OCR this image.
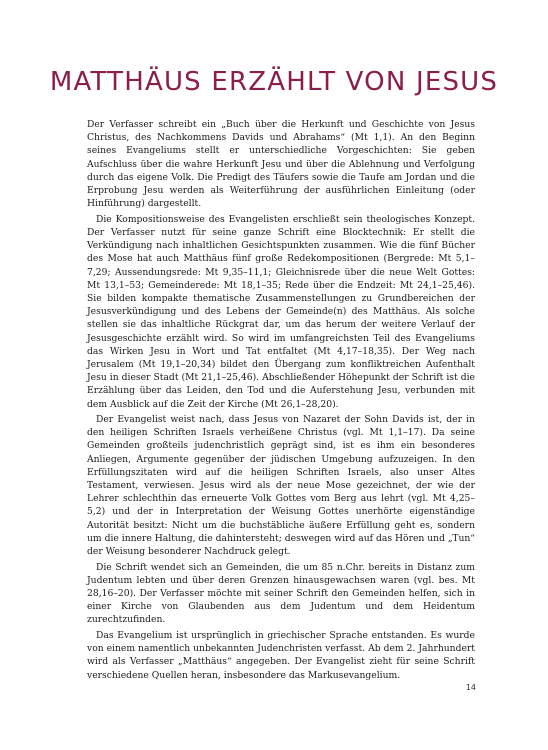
MATTHÄUS ERZÄHLT VON JESUS

Der Verfasser schreibt ein „Buch über die Herkunft und Geschichte von Jesus Christus, des Nachkommens Davids und Abrahams“ (Mt 1,1). An den Beginn seines Evangeliums stellt er unterschiedliche Vorgeschichten: Sie geben Aufschluss über die wahre Herkunft Jesu und über die Ablehnung und Verfolgung durch das eigene Volk. Die Predigt des Täufers sowie die Taufe am Jordan und die Erprobung Jesu werden als Weiterführung der ausführlichen Einleitung (oder Hinführung) dargestellt.

Die Kompositionsweise des Evangelisten erschließt sein theologisches Konzept. Der Verfasser nutzt für seine ganze Schrift eine Blocktechnik: Er stellt die Verkündigung nach inhaltlichen Gesichtspunkten zusammen. Wie die fünf Bücher des Mose hat auch Matthäus fünf große Redekompositionen (Bergrede: Mt 5,1–7,29; Aussendungsrede: Mt 9,35–11,1; Gleichnisrede über die neue Welt Gottes: Mt 13,1–53; Gemeinderede: Mt 18,1–35; Rede über die Endzeit: Mt 24,1–25,46). Sie bilden kompakte thematische Zusammenstellungen zu Grundbereichen der Jesusverkündigung und des Lebens der Gemeinde(n) des Matthäus. Als solche stellen sie das inhaltliche Rückgrat dar, um das herum der weitere Verlauf der Jesusgeschichte erzählt wird. So wird im umfangreichsten Teil des Evangeliums das Wirken Jesu in Wort und Tat entfaltet (Mt 4,17–18,35). Der Weg nach Jerusalem (Mt 19,1–20,34) bildet den Übergang zum konfliktreichen Aufenthalt Jesu in dieser Stadt (Mt 21,1–25,46). Abschließender Höhepunkt der Schrift ist die Erzählung über das Leiden, den Tod und die Auferstehung Jesu, verbunden mit dem Ausblick auf die Zeit der Kirche (Mt 26,1–28,20).

Der Evangelist weist nach, dass Jesus von Nazaret der Sohn Davids ist, der in den heiligen Schriften Israels verheißene Christus (vgl. Mt 1,1–17). Da seine Gemeinden großteils judenchristlich geprägt sind, ist es ihm ein besonderes Anliegen, Argumente gegenüber der jüdischen Umgebung aufzuzeigen. In den Erfüllungszitaten wird auf die heiligen Schriften Israels, also unser Altes Testament, verwiesen. Jesus wird als der neue Mose gezeichnet, der wie der Lehrer schlechthin das erneuerte Volk Gottes vom Berg aus lehrt (vgl. Mt 4,25–5,2) und der in Interpretation der Weisung Gottes unerhörte eigenständige Autorität besitzt: Nicht um die buchstäbliche äußere Erfüllung geht es, sondern um die innere Haltung, die dahintersteht; deswegen wird auf das Hören und „Tun“ der Weisung besonderer Nachdruck gelegt.

Die Schrift wendet sich an Gemeinden, die um 85 n.Chr. bereits in Distanz zum Judentum lebten und über deren Grenzen hinausgewachsen waren (vgl. bes. Mt 28,16–20). Der Verfasser möchte mit seiner Schrift den Gemeinden helfen, sich in einer Kirche von Glaubenden aus dem Judentum und dem Heidentum zurechtzufinden.

Das Evangelium ist ursprünglich in griechischer Sprache entstanden. Es wurde von einem namentlich unbekannten Judenchristen verfasst. Ab dem 2. Jahrhundert wird als Verfasser „Matthäus“ angegeben. Der Evangelist zieht für seine Schrift verschiedene Quellen heran, insbesondere das Markusevangelium.

14
